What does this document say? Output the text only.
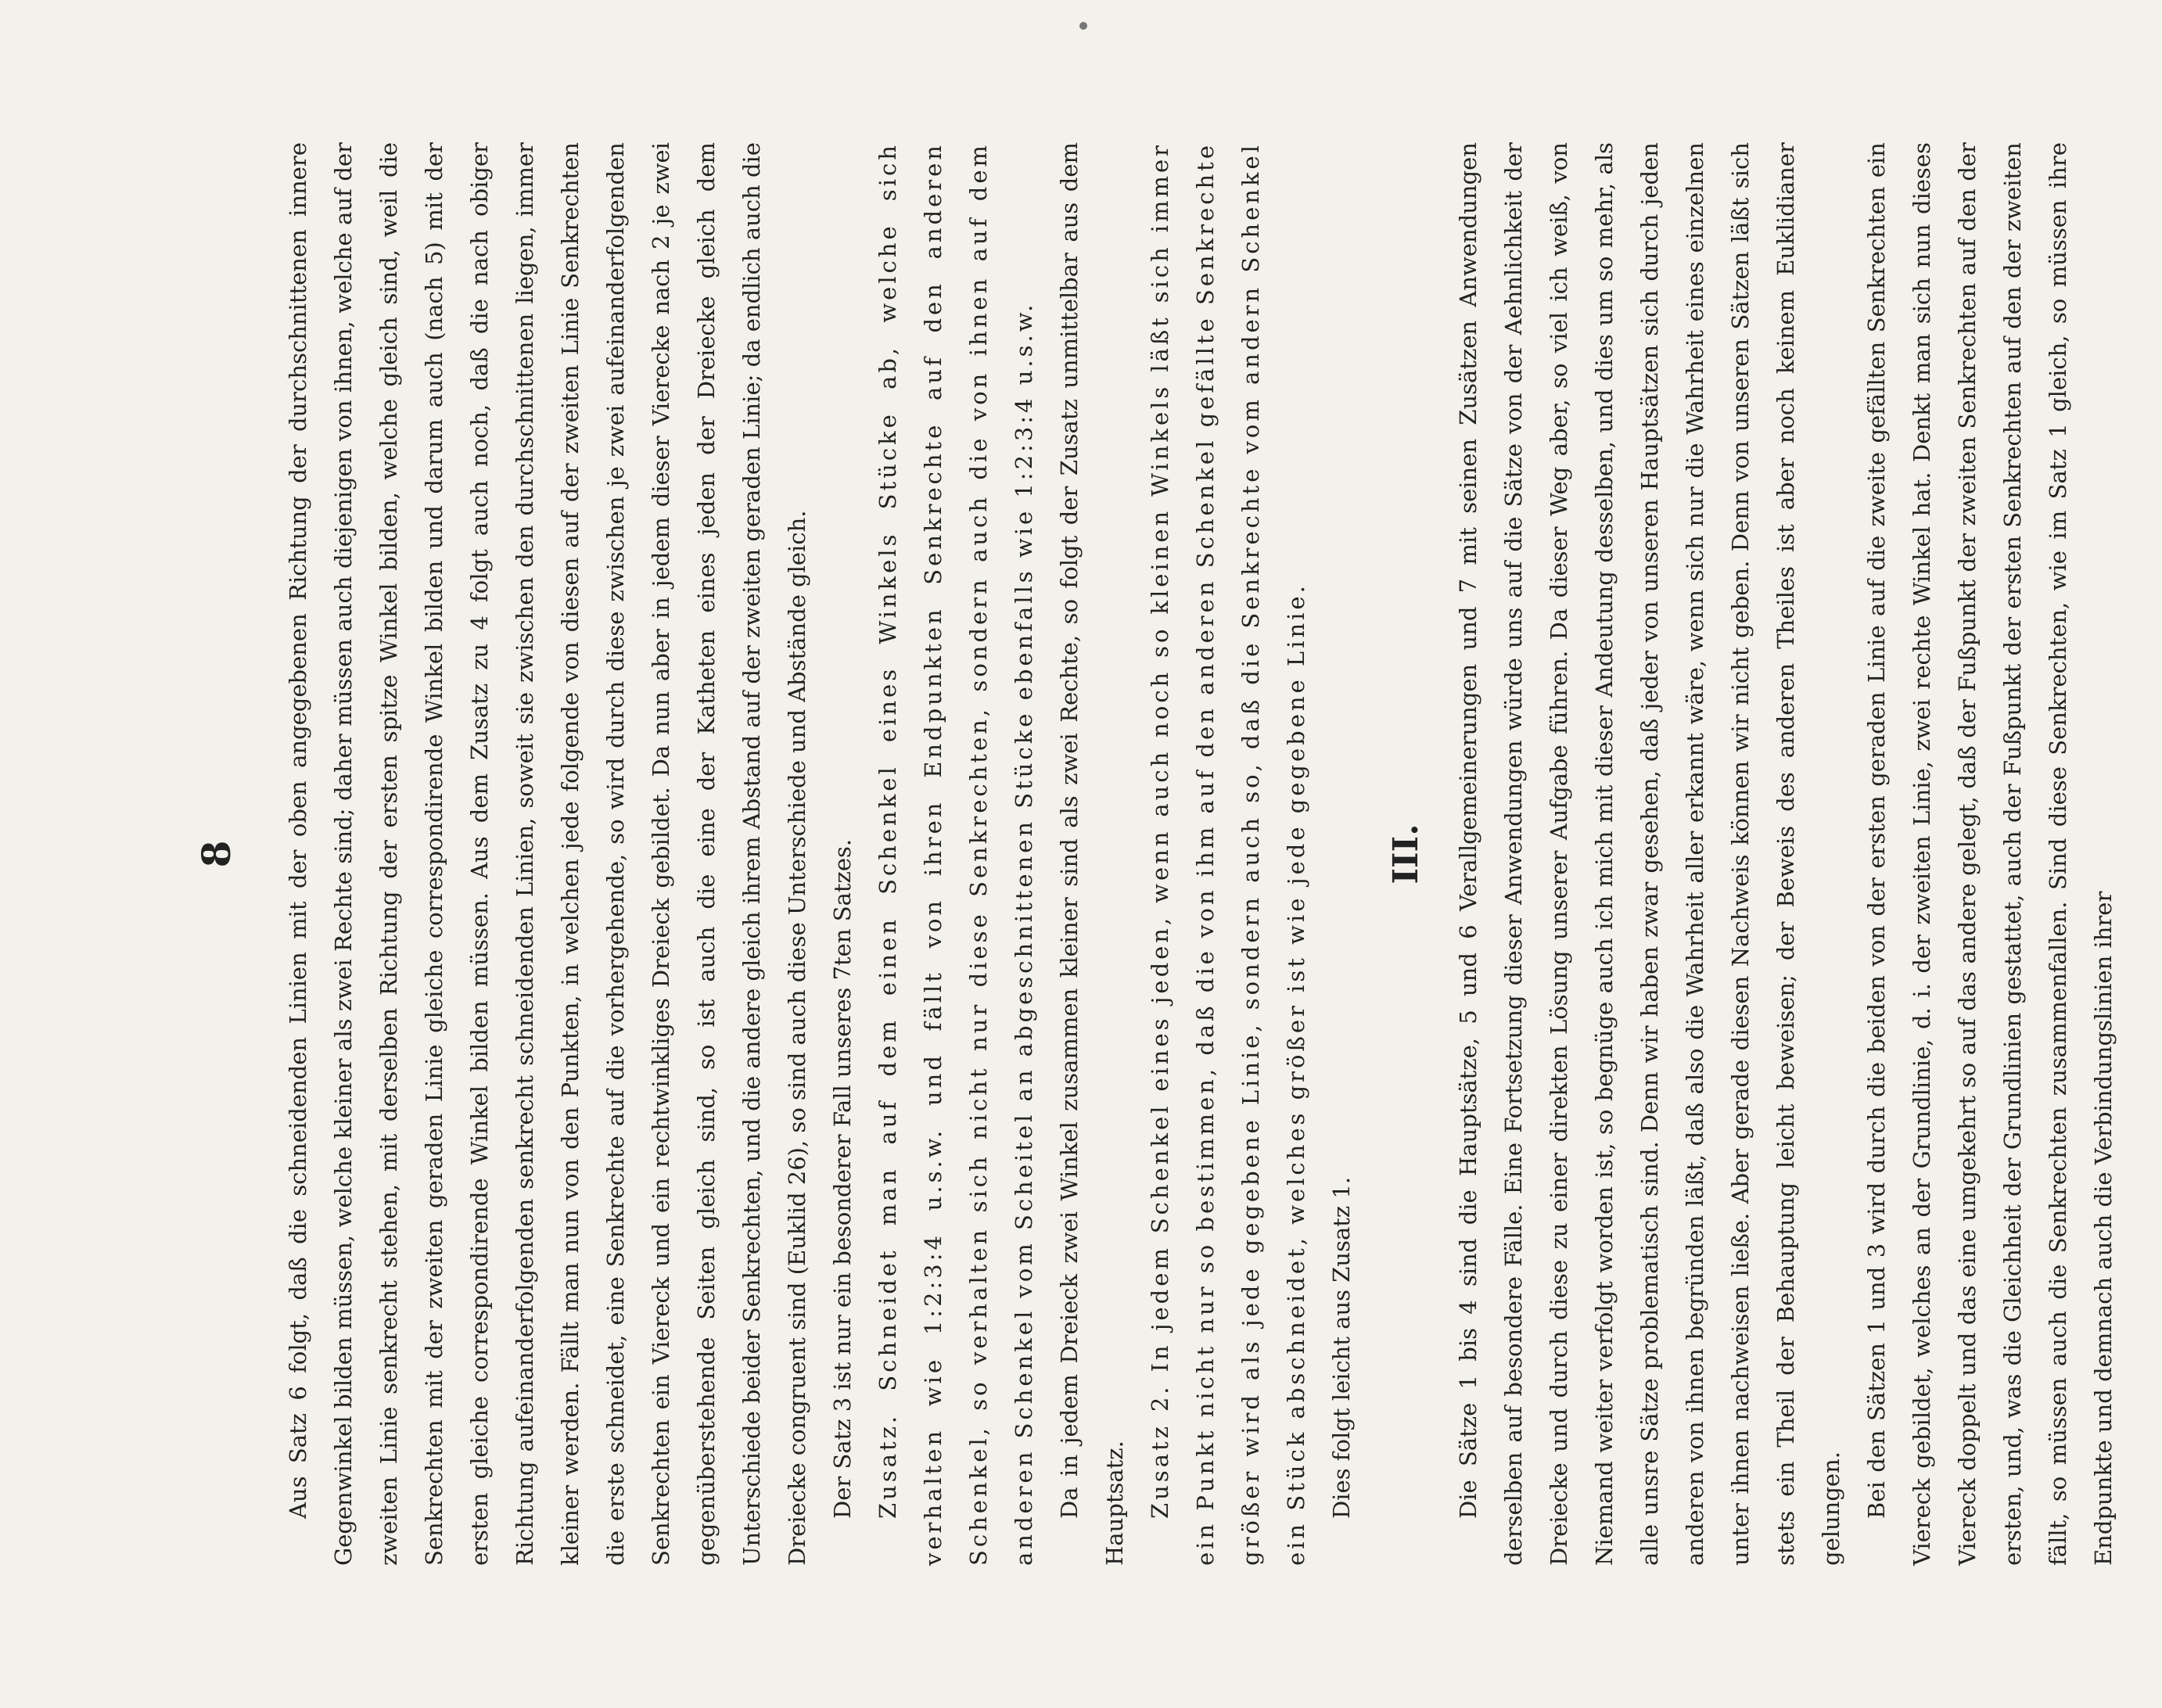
8	Aus Satz 6 folgt, daß die schneidenden Linien mit der oben angegebenen Richtung der durchschnittenen innere Gegenwinkel bilden müssen, welche kleiner als zwei Rechte sind; daher müssen auch diejenigen von ihnen, welche auf der zweiten Linie senkrecht stehen, mit derselben Richtung der ersten spitze Winkel bilden, welche gleich sind, weil die Senkrechten mit der zweiten geraden Linie gleiche correspondirende Winkel bilden und darum auch (nach 5) mit der ersten gleiche correspondirende Winkel bilden müssen. Aus dem Zusatz zu 4 folgt auch noch, daß die nach obiger Richtung aufeinanderfolgenden senkrecht schneidenden Linien, soweit sie zwischen den durchschnittenen liegen, immer kleiner werden. Fällt man nun von den Punkten, in welchen jede folgende von diesen auf der zweiten Linie Senkrechten die erste schneidet, eine Senkrechte auf die vorhergehende, so wird durch diese zwischen je zwei aufeinanderfolgenden Senkrechten ein Viereck und ein rechtwinkliges Dreieck gebildet. Da nun aber in jedem dieser Vierecke nach 2 je zwei gegenüberstehende Seiten gleich sind, so ist auch die eine der Katheten eines jeden der Dreiecke gleich dem Unterschiede beider Senkrechten, und die andere gleich ihrem Abstand auf der zweiten geraden Linie; da endlich auch die Dreiecke congruent sind (Euklid 26), so sind auch diese Unterschiede und Abstände gleich. Der Satz 3 ist nur ein besonderer Fall unseres 7ten Satzes. Zusatz. Schneidet man auf dem einen Schenkel eines Winkels Stücke ab, welche sich verhalten wie 1:2:3:4 u.s.w. und fällt von ihren Endpunkten Senkrechte auf den anderen Schenkel, so verhalten sich nicht nur diese Senkrechten, sondern auch die von ihnen auf dem anderen Schenkel vom Scheitel an abgeschnittenen Stücke ebenfalls wie 1:2:3:4 u.s.w. Da in jedem Dreieck zwei Winkel zusammen kleiner sind als zwei Rechte, so folgt der Zusatz unmittelbar aus dem Hauptsatz. Zusatz 2. In jedem Schenkel eines jeden, wenn auch noch so kleinen Winkels läßt sich immer ein Punkt nicht nur so bestimmen, daß die von ihm auf den anderen Schenkel gefällte Senkrechte größer wird als jede gegebene Linie, sondern auch so, daß die Senkrechte vom andern Schenkel ein Stück abschneidet, welches größer ist wie jede gegebene Linie. Dies folgt leicht aus Zusatz 1.

III.	Die Sätze 1 bis 4 sind die Hauptsätze, 5 und 6 Verallgemeinerungen und 7 mit seinen Zusätzen Anwendungen derselben auf besondere Fälle. Eine Fortsetzung dieser Anwendungen würde uns auf die Sätze von der Aehnlichkeit der Dreiecke und durch diese zu einer direkten Lösung unserer Aufgabe führen. Da dieser Weg aber, so viel ich weiß, von Niemand weiter verfolgt worden ist, so begnüge auch ich mich mit dieser Andeutung desselben, und dies um so mehr, als alle unsre Sätze problematisch sind. Denn wir haben zwar gesehen, daß jeder von unseren Hauptsätzen sich durch jeden anderen von ihnen begründen läßt, daß also die Wahrheit aller erkannt wäre, wenn sich nur die Wahrheit eines einzelnen unter ihnen nachweisen ließe. Aber gerade diesen Nachweis können wir nicht geben. Denn von unseren Sätzen läßt sich stets ein Theil der Behauptung leicht beweisen; der Beweis des anderen Theiles ist aber noch keinem Euklidianer gelungen. Bei den Sätzen 1 und 3 wird durch die beiden von der ersten geraden Linie auf die zweite gefällten Senkrechten ein Viereck gebildet, welches an der Grundlinie, d. i. der zweiten Linie, zwei rechte Winkel hat. Denkt man sich nun dieses Viereck doppelt und das eine umgekehrt so auf das andere gelegt, daß der Fußpunkt der zweiten Senkrechten auf den der ersten, und, was die Gleichheit der Grundlinien gestattet, auch der Fußpunkt der ersten Senkrechten auf den der zweiten fällt, so müssen auch die Senkrechten zusammenfallen. Sind diese Senkrechten, wie im Satz 1 gleich, so müssen ihre Endpunkte und demnach auch die Verbindungslinien ihrer
